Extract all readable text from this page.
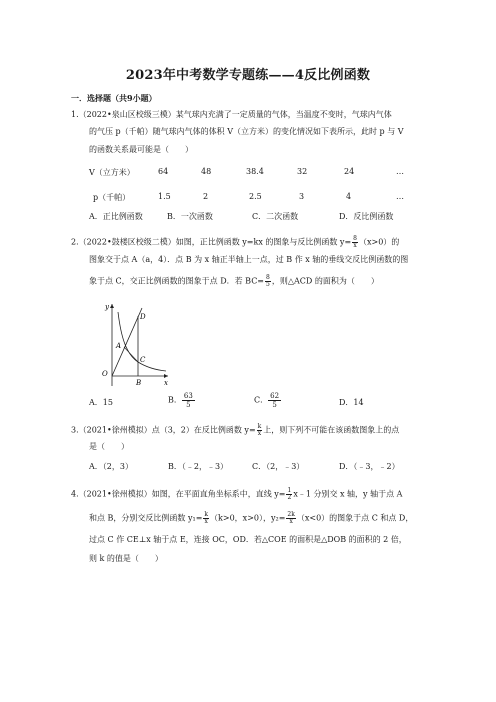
2023年中考数学专题练——4反比例函数
一．选择题（共9小题）
1.（2022•泉山区校级三模）某气球内充满了一定质量的气体，当温度不变时，气球内气体
的气压 p（千帕）随气球内气体的体积 V（立方米）的变化情况如下表所示，此时 p 与 V
的函数关系最可能是（　　）
V（立方米）	64	48	38.4	32	24	…
p（千帕）	1.5	2	2.5	3	4	…
A．正比例函数	B．一次函数	C．二次函数	D．反比例函数
2.（2022•鼓楼区校级二模）如图，正比例函数 y=kx 的图象与反比例函数 $y= \frac{8}{x} (x>0)$的
图象交于点 A（a，4）．点 B 为 x 轴正半轴上一点，过 B 作 x 轴的垂线交反比例函数的图
象于点 C，交正比例函数的图象于点 D．若 $BC= \frac{8}{5}$ ，则△ACD 的面积为（　　）
y
x
D
A
C
O
B
A．15	B． $\frac{63}{5}$	C． $\frac{62}{5}$	D．14
3.（2021•徐州模拟）点（3，2）在反比例函数 $y= \frac{k}{x}$ 上，则下列不可能在该函数图象上的点
是（　　）
A．（2，3）	B．（﹣2，﹣3）	C．（2，﹣3）	D．（﹣3，﹣2）
4.（2021•徐州模拟）如图，在平面直角坐标系中，直线 $y= \frac{1}{2}$ x﹣1 分别交 x 轴，y 轴于点 A
和点 B，分别交反比例函数 $y_1= \frac{k}{x} (k>0$，x>0），$y_2= \frac{2k}{x} (x<0)$的图象于点 C 和点 D，
过点 C 作 CE⊥x 轴于点 E，连接 OC，OD．若△COE 的面积是△DOB 的面积的 2 倍，
则 k 的值是（　　）
